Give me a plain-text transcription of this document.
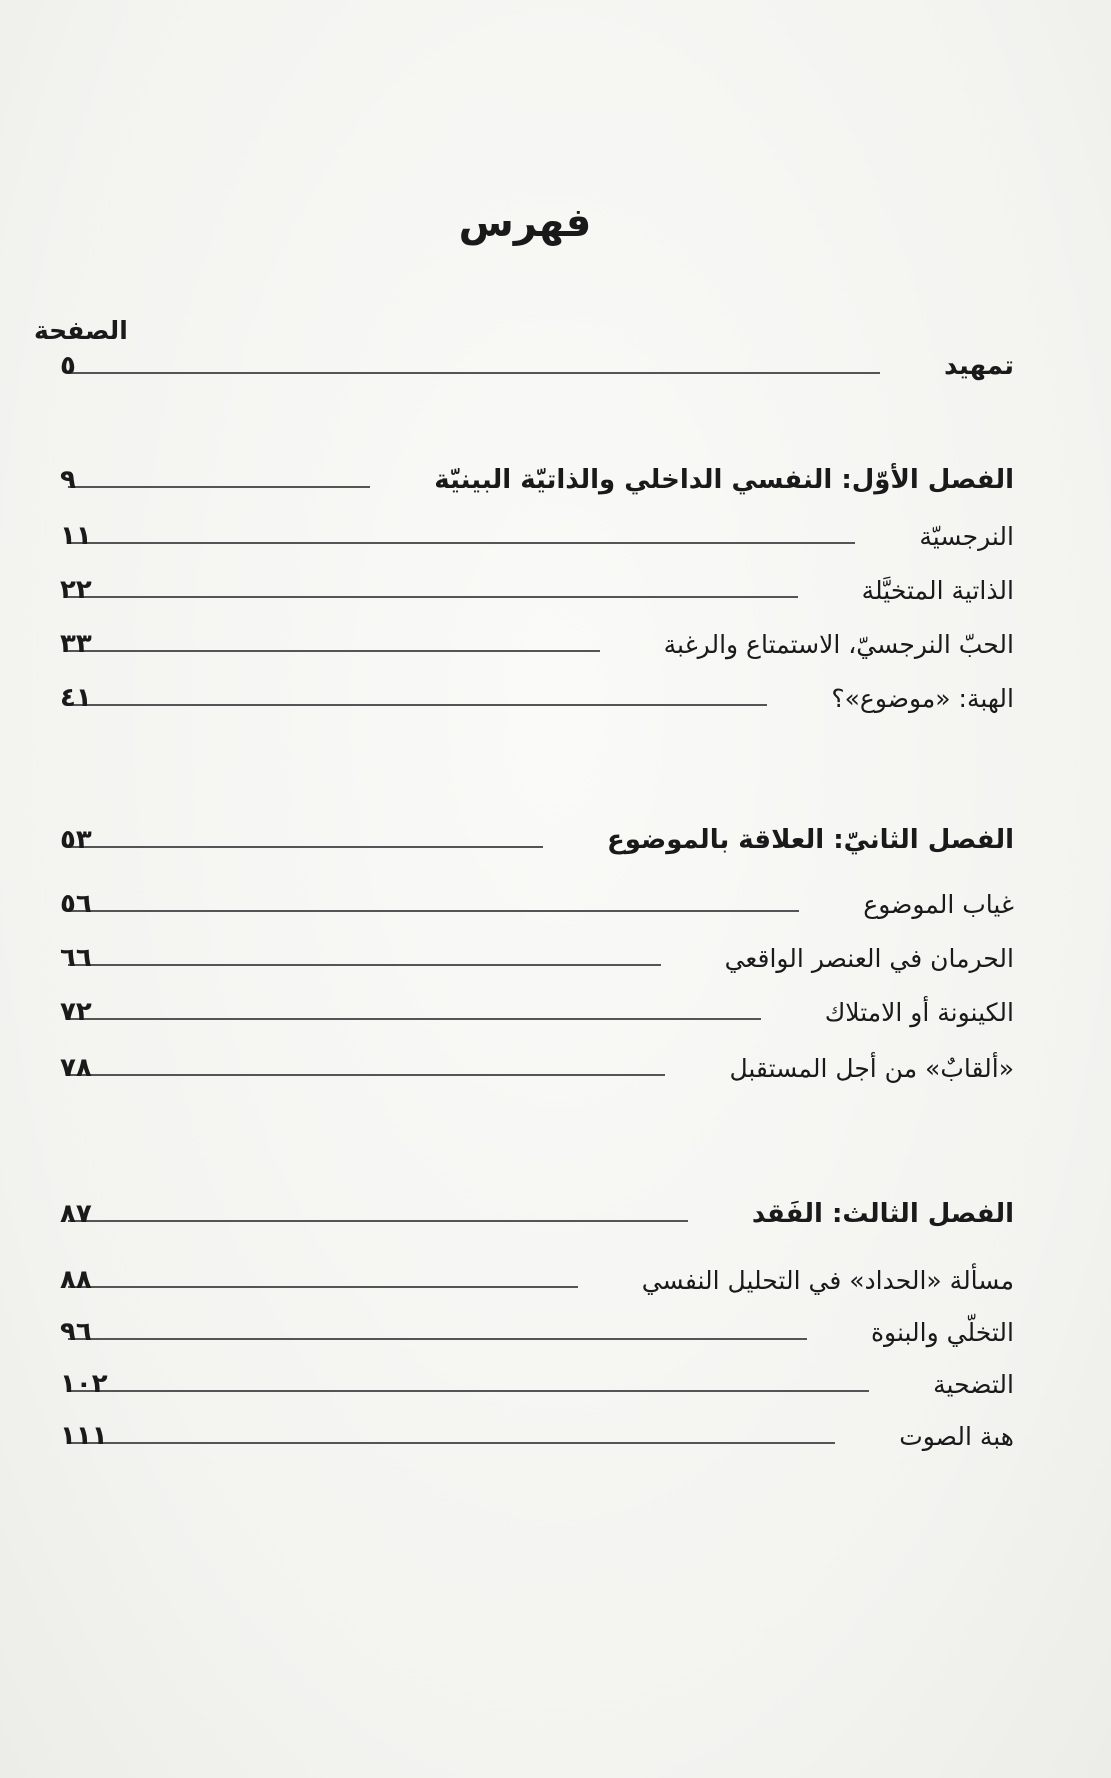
فهرس
الصفحة
تمهيد
٥
الفصل الأوّل: النفسي الداخلي والذاتيّة البينيّة
٩
النرجسيّة
١١
الذاتية المتخيَّلة
٢٢
الحبّ النرجسيّ، الاستمتاع والرغبة
٣٣
الهبة: «موضوع»؟
٤١
الفصل الثانيّ: العلاقة بالموضوع
٥٣
غياب الموضوع
٥٦
الحرمان في العنصر الواقعي
٦٦
الكينونة أو الامتلاك
٧٢
«ألقابٌ» من أجل المستقبل
٧٨
الفصل الثالث: الفَقد
٨٧
مسألة «الحداد» في التحليل النفسي
٨٨
التخلّي والبنوة
٩٦
التضحية
١٠٢
هبة الصوت
١١١
